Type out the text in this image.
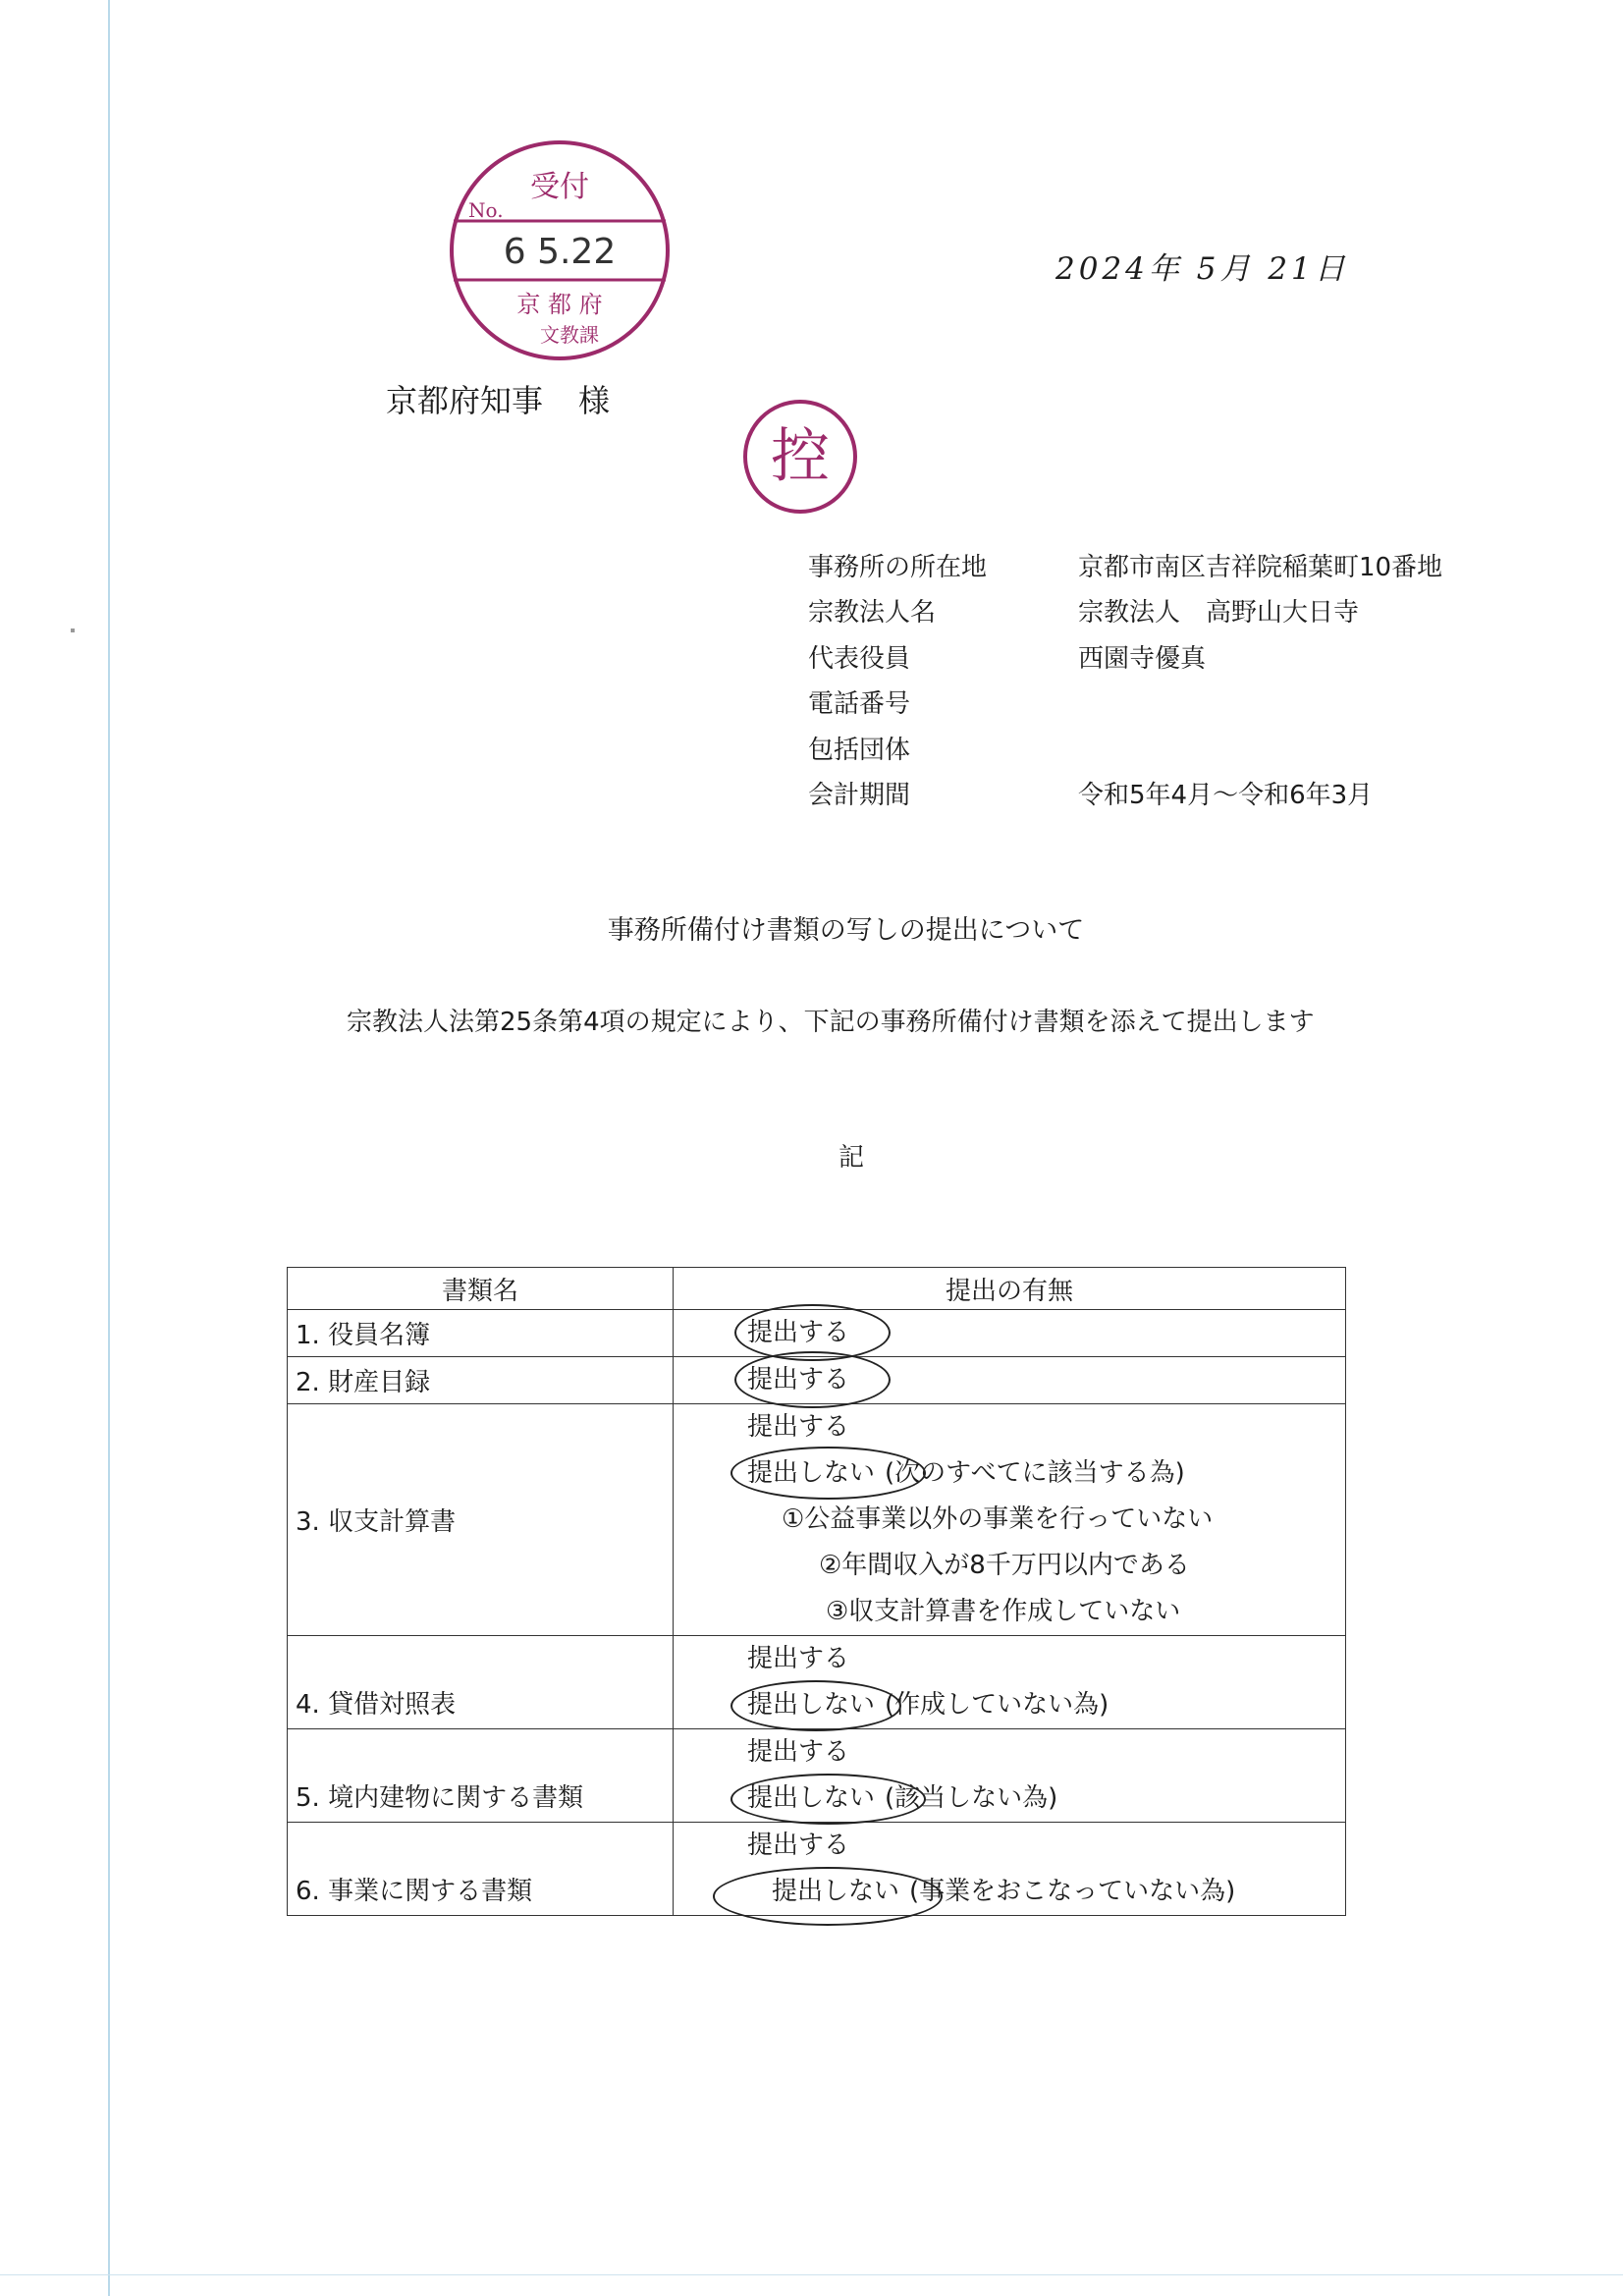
受付
No.
6 5.22
京 都 府
文教課
控
2024年 5月 21日
京都府知事 様
事務所の所在地	京都市南区吉祥院稲葉町10番地
宗教法人名	宗教法人　高野山大日寺
代表役員	西園寺優真
電話番号
包括団体
会計期間	令和5年4月～令和6年3月
事務所備付け書類の写しの提出について
宗教法人法第25条第4項の規定により、下記の事務所備付け書類を添えて提出します
記
書類名	提出の有無
1. 役員名簿	提出する

2. 財産目録	提出する

3. 収支計算書	提出する
提出しない (次のすべてに該当する為)
①公益事業以外の事業を行っていない
②年間収入が8千万円以内である
③収支計算書を作成していない

4. 貸借対照表	提出する
提出しない (作成していない為)

5. 境内建物に関する書類	提出する
提出しない (該当しない為)

6. 事業に関する書類	提出する
提出しない (事業をおこなっていない為)
